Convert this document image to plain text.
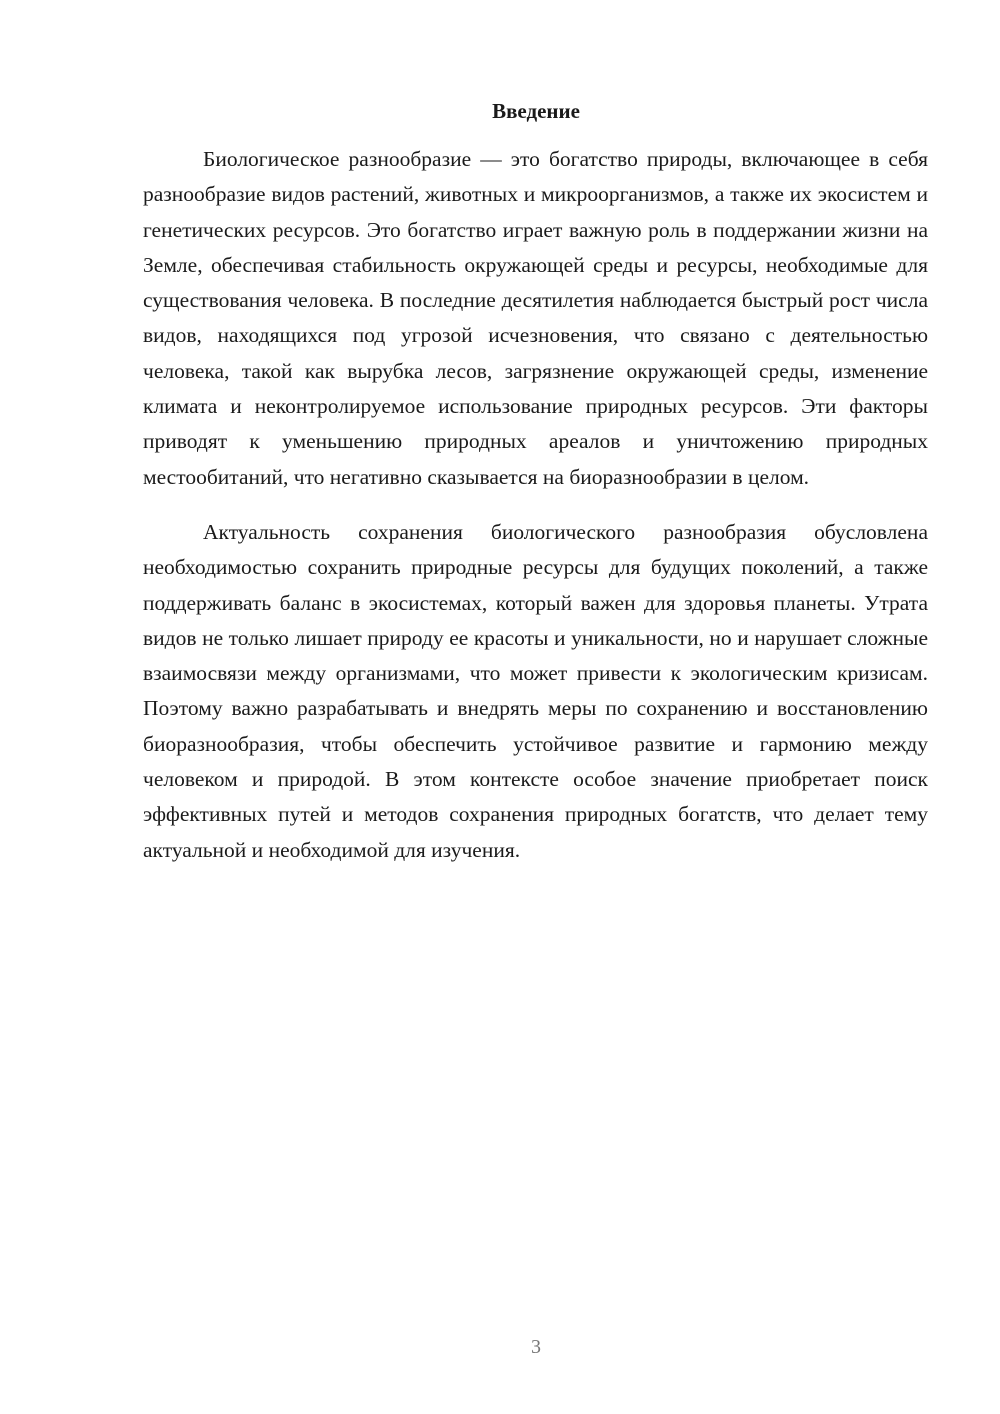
Введение

Биологическое разнообразие — это богатство природы, включающее в себя разнообразие видов растений, животных и микроорганизмов, а также их экосистем и генетических ресурсов. Это богатство играет важную роль в поддержании жизни на Земле, обеспечивая стабильность окружающей среды и ресурсы, необходимые для существования человека. В последние десятилетия наблюдается быстрый рост числа видов, находящихся под угрозой исчезновения, что связано с деятельностью человека, такой как вырубка лесов, загрязнение окружающей среды, изменение климата и неконтролируемое использование природных ресурсов. Эти факторы приводят к уменьшению природных ареалов и уничтожению природных местообитаний, что негативно сказывается на биоразнообразии в целом.

Актуальность сохранения биологического разнообразия обусловлена необходимостью сохранить природные ресурсы для будущих поколений, а также поддерживать баланс в экосистемах, который важен для здоровья планеты. Утрата видов не только лишает природу ее красоты и уникальности, но и нарушает сложные взаимосвязи между организмами, что может привести к экологическим кризисам. Поэтому важно разрабатывать и внедрять меры по сохранению и восстановлению биоразнообразия, чтобы обеспечить устойчивое развитие и гармонию между человеком и природой. В этом контексте особое значение приобретает поиск эффективных путей и методов сохранения природных богатств, что делает тему актуальной и необходимой для изучения.

3
